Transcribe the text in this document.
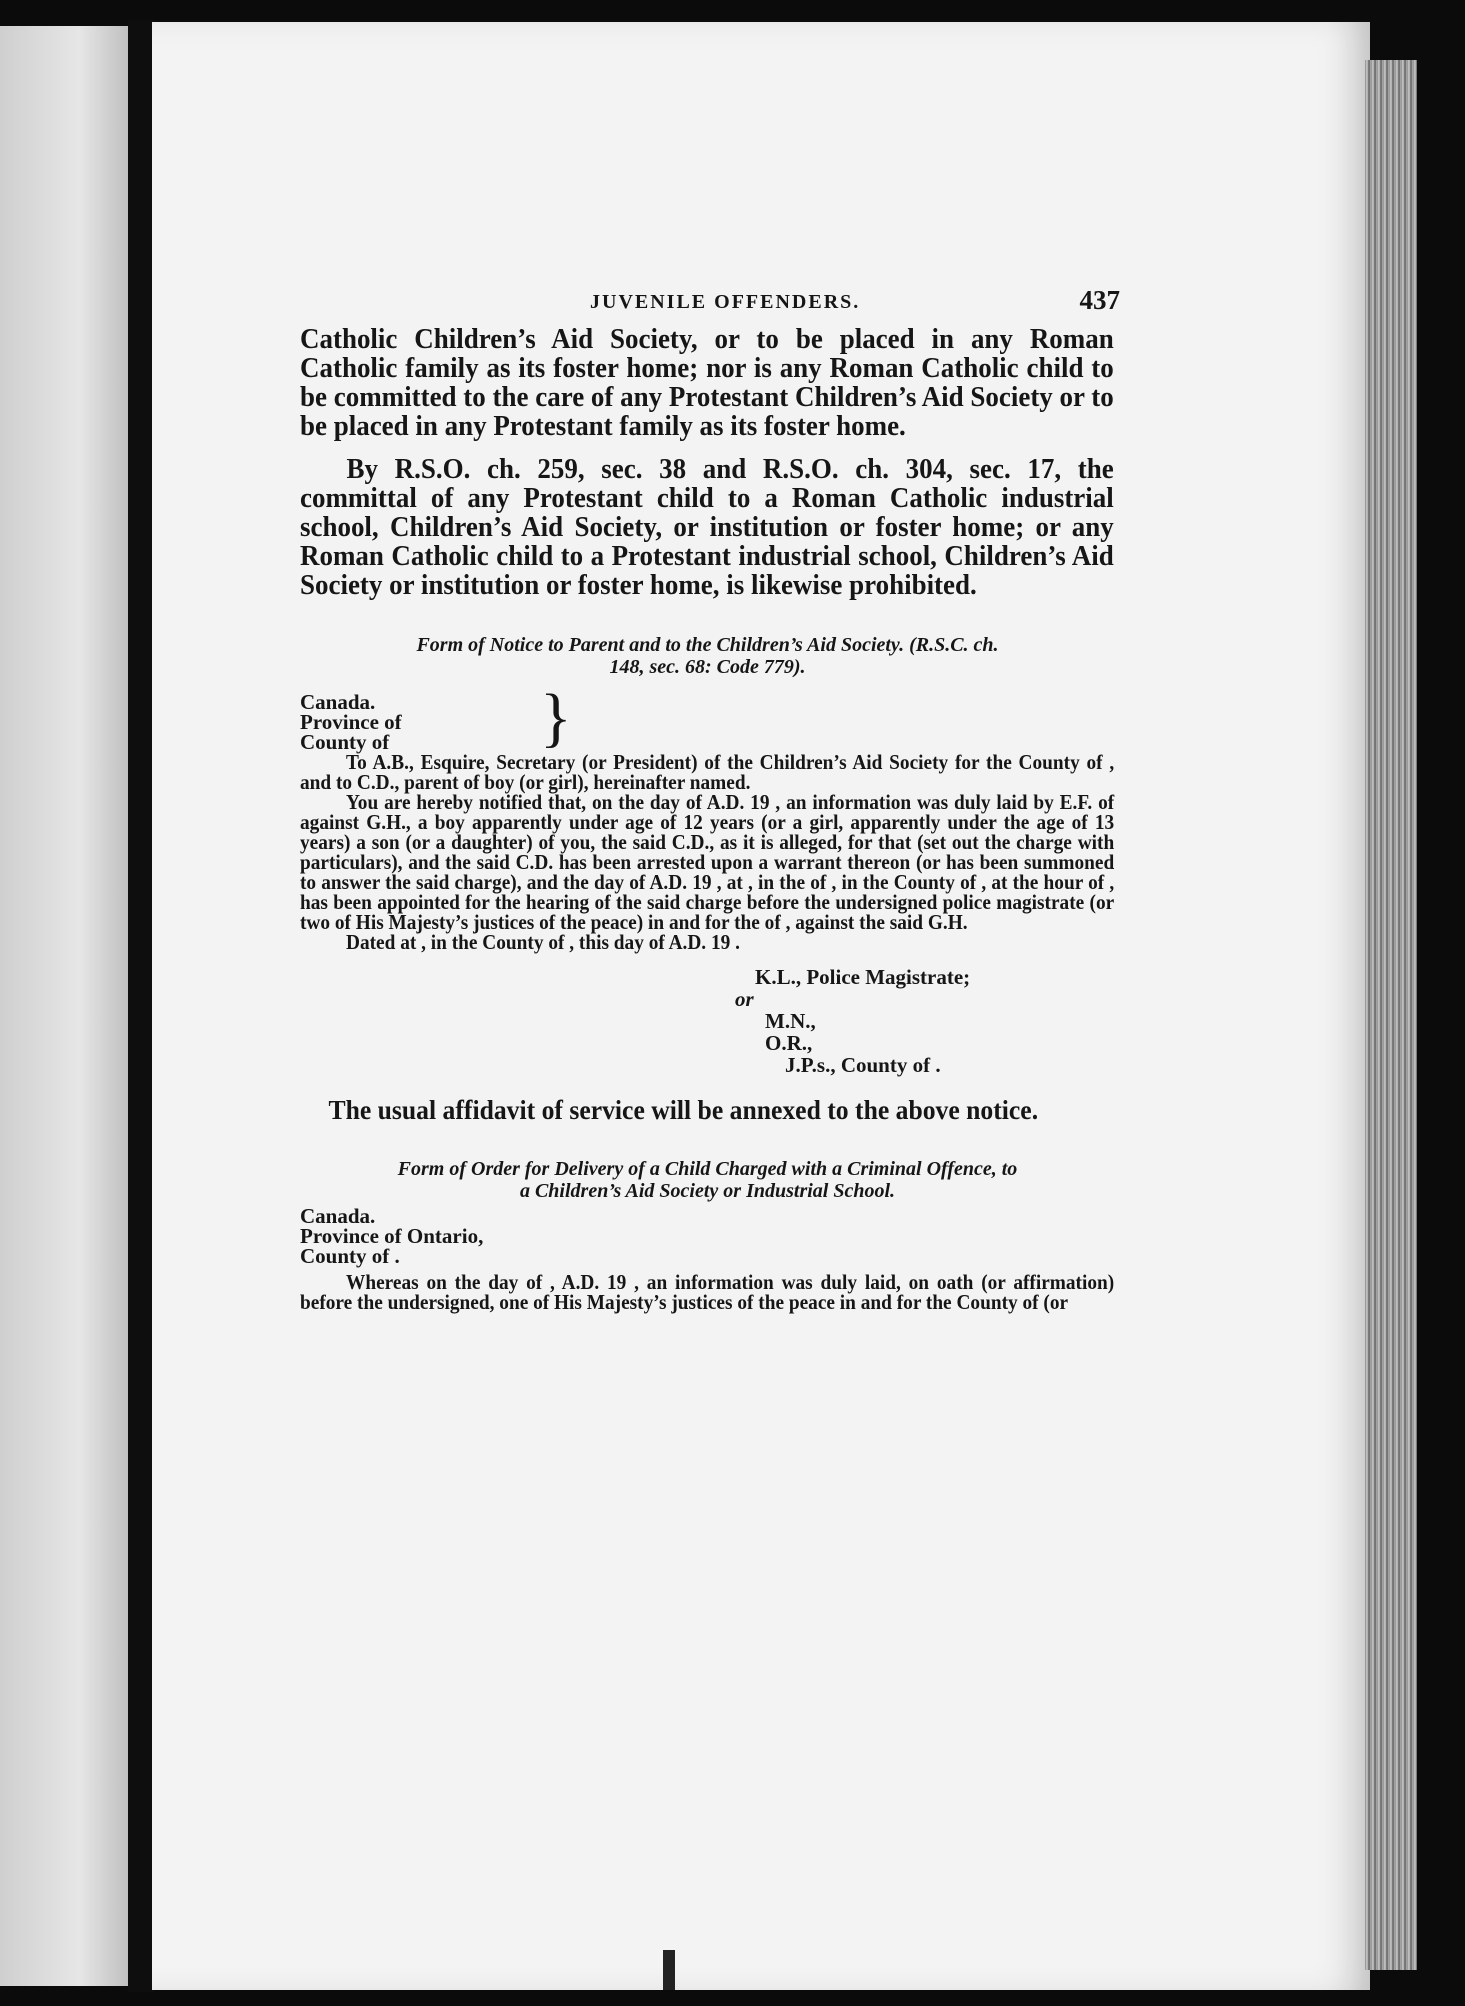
JUVENILE OFFENDERS.	437

Catholic Children’s Aid Society, or to be placed in any Roman Catholic family as its foster home; nor is any Roman Catholic child to be committed to the care of any Protestant Children’s Aid Society or to be placed in any Protestant family as its foster home.

By R.S.O. ch. 259, sec. 38 and R.S.O. ch. 304, sec. 17, the committal of any Protestant child to a Roman Catholic industrial school, Children’s Aid Society, or institution or foster home; or any Roman Catholic child to a Protestant industrial school, Children’s Aid Society or institution or foster home, is likewise prohibited.

Form of Notice to Parent and to the Children’s Aid Society. (R.S.C. ch.
148, sec. 68: Code 779).
Canada.
Province of
County of	}

To A.B., Esquire, Secretary (or President) of the Children’s Aid Society for the County of , and to C.D., parent of boy (or girl), hereinafter named.

You are hereby notified that, on the day of A.D. 19 , an information was duly laid by E.F. of against G.H., a boy apparently under age of 12 years (or a girl, apparently under the age of 13 years) a son (or a daughter) of you, the said C.D., as it is alleged, for that (set out the charge with particulars), and the said C.D. has been arrested upon a warrant thereon (or has been summoned to answer the said charge), and the day of A.D. 19 , at , in the of , in the County of , at the hour of , has been appointed for the hearing of the said charge before the undersigned police magistrate (or two of His Majesty’s justices of the peace) in and for the of , against the said G.H.

Dated at , in the County of , this day of A.D. 19 .

K.L., Police Magistrate;
or
M.N.,
O.R.,
J.P.s., County of .

The usual affidavit of service will be annexed to the above notice.

Form of Order for Delivery of a Child Charged with a Criminal Offence, to
a Children’s Aid Society or Industrial School.
Canada.
Province of Ontario,
County of .

Whereas on the day of , A.D. 19 , an information was duly laid, on oath (or affirmation) before the undersigned, one of His Majesty’s justices of the peace in and for the County of (or
